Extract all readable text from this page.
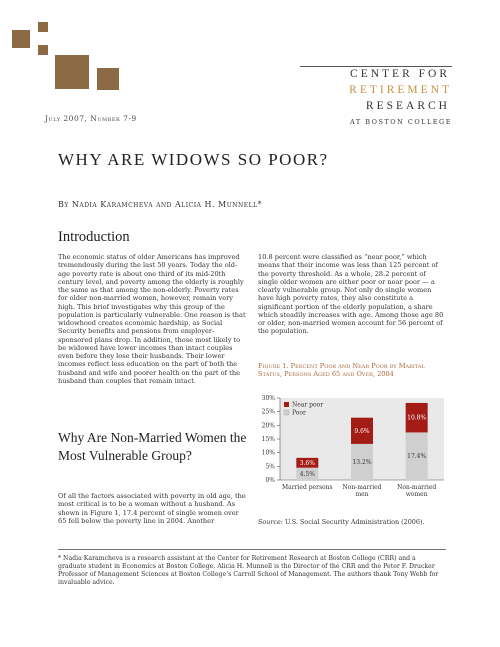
CENTER FOR
RETIREMENT
RESEARCH
AT BOSTON COLLEGE
July 2007, Number 7-9
WHY ARE WIDOWS SO POOR?
By Nadia Karamcheva and Alicia H. Munnell*
Introduction

The economic status of older Americans has improved tremendously during the last 50 years. Today the old-age poverty rate is about one third of its mid-20th century level, and poverty among the elderly is roughly the same as that among the non-elderly. Poverty rates for older non-married women, however, remain very high. This brief investigates why this group of the population is particularly vulnerable. One reason is that widowhood creates economic hardship, as Social Security benefits and pensions from employer-sponsored plans drop. In addition, those most likely to be widowed have lower incomes than intact couples even before they lose their husbands. Their lower incomes reflect less education on the part of both the husband and wife and poorer health on the part of the husband than couples that remain intact.

10.8 percent were classified as “near poor,” which means that their income was less than 125 percent of the poverty threshold. As a whole, 28.2 percent of single older women are either poor or near poor — a clearly vulnerable group. Not only do single women have high poverty rates, they also constitute a significant portion of the elderly population, a share which steadily increases with age. Among those age 80 or older, non-married women account for 56 percent of the population.

Why Are Non-Married Women the Most Vulnerable Group?

Of all the factors associated with poverty in old age, the most critical is to be a woman without a husband. As shown in Figure 1, 17.4 percent of single women over 65 fell below the poverty line in 2004. Another

Figure 1. Percent Poor and Near Poor by Marital Status, Persons Aged 65 and Over, 2004
0%
5%
10%
15%
20%
25%
30%
4.5%
3.6%
Married persons
13.2%
9.6%
Non-married
men
17.4%
10.8%
Non-married
women
Near poor
Poor
Source: U.S. Social Security Administration (2006).

* Nadia Karamcheva is a research assistant at the Center for Retirement Research at Boston College (CRR) and a graduate student in Economics at Boston College. Alicia H. Munnell is the Director of the CRR and the Peter F. Drucker Professor of Management Sciences at Boston College’s Carroll School of Management. The authors thank Tony Webb for invaluable advice.
